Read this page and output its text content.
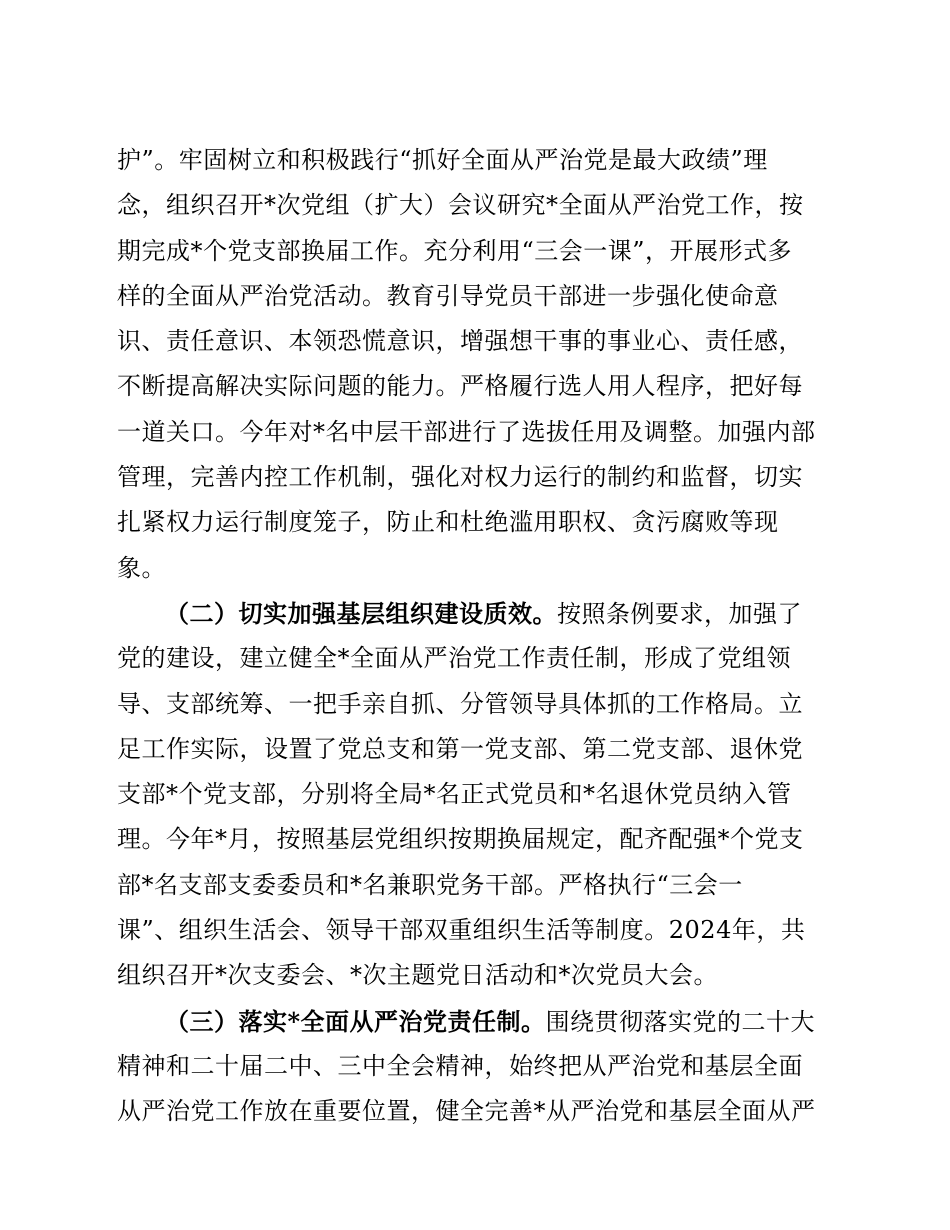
护”。牢固树立和积极践行“抓好全面从严治党是最大政绩”理
念，组织召开*次党组（扩大）会议研究*全面从严治党工作，按
期完成*个党支部换届工作。充分利用“三会一课”，开展形式多
样的全面从严治党活动。教育引导党员干部进一步强化使命意
识、责任意识、本领恐慌意识，增强想干事的事业心、责任感，
不断提高解决实际问题的能力。严格履行选人用人程序，把好每
一道关口。今年对*名中层干部进行了选拔任用及调整。加强内部
管理，完善内控工作机制，强化对权力运行的制约和监督，切实
扎紧权力运行制度笼子，防止和杜绝滥用职权、贪污腐败等现
象。
（二）切实加强基层组织建设质效。按照条例要求，加强了
党的建设，建立健全*全面从严治党工作责任制，形成了党组领
导、支部统筹、一把手亲自抓、分管领导具体抓的工作格局。立
足工作实际，设置了党总支和第一党支部、第二党支部、退休党
支部*个党支部，分别将全局*名正式党员和*名退休党员纳入管
理。今年*月，按照基层党组织按期换届规定，配齐配强*个党支
部*名支部支委委员和*名兼职党务干部。严格执行“三会一
课”、组织生活会、领导干部双重组织生活等制度。2024年，共
组织召开*次支委会、*次主题党日活动和*次党员大会。
（三）落实*全面从严治党责任制。围绕贯彻落实党的二十大
精神和二十届二中、三中全会精神，始终把从严治党和基层全面
从严治党工作放在重要位置，健全完善*从严治党和基层全面从严
